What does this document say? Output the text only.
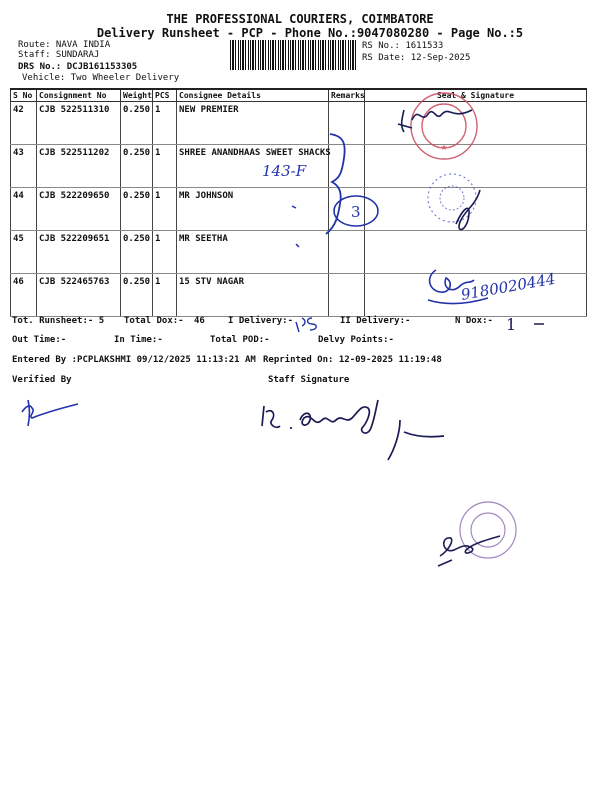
THE PROFESSIONAL COURIERS, COIMBATORE
Delivery Runsheet - PCP - Phone No.:9047080280 - Page No.:5
Route: NAVA INDIA
Staff: SUNDARAJ
DRS No.: DCJB161153305
Vehicle: Two Wheeler Delivery
RS No.: 1611533
RS Date: 12-Sep-2025
S No	Consignment No	Weight	PCS	Consignee Details	Remarks	Seal & Signature
42	CJB 522511310	0.250	1	NEW PREMIER		
43	CJB 522511202	0.250	1	SHREE ANANDHAAS SWEET SHACKS		
44	CJB 522209650	0.250	1	MR JOHNSON		
45	CJB 522209651	0.250	1	MR SEETHA		
46	CJB 522465763	0.250	1	15 STV NAGAR		
Tot. Runsheet:- 5 Total Dox:- 46	I Delivery:-	II Delivery:-	N Dox:-
Out Time:-	In Time:-	Total POD:-	Delvy Points:-
Entered By :PCPLAKSHMI 09/12/2025 11:13:21 AM Reprinted On: 12-09-2025 11:19:48
Verified By	Staff Signature
★
143-F
3
9180020444
1
